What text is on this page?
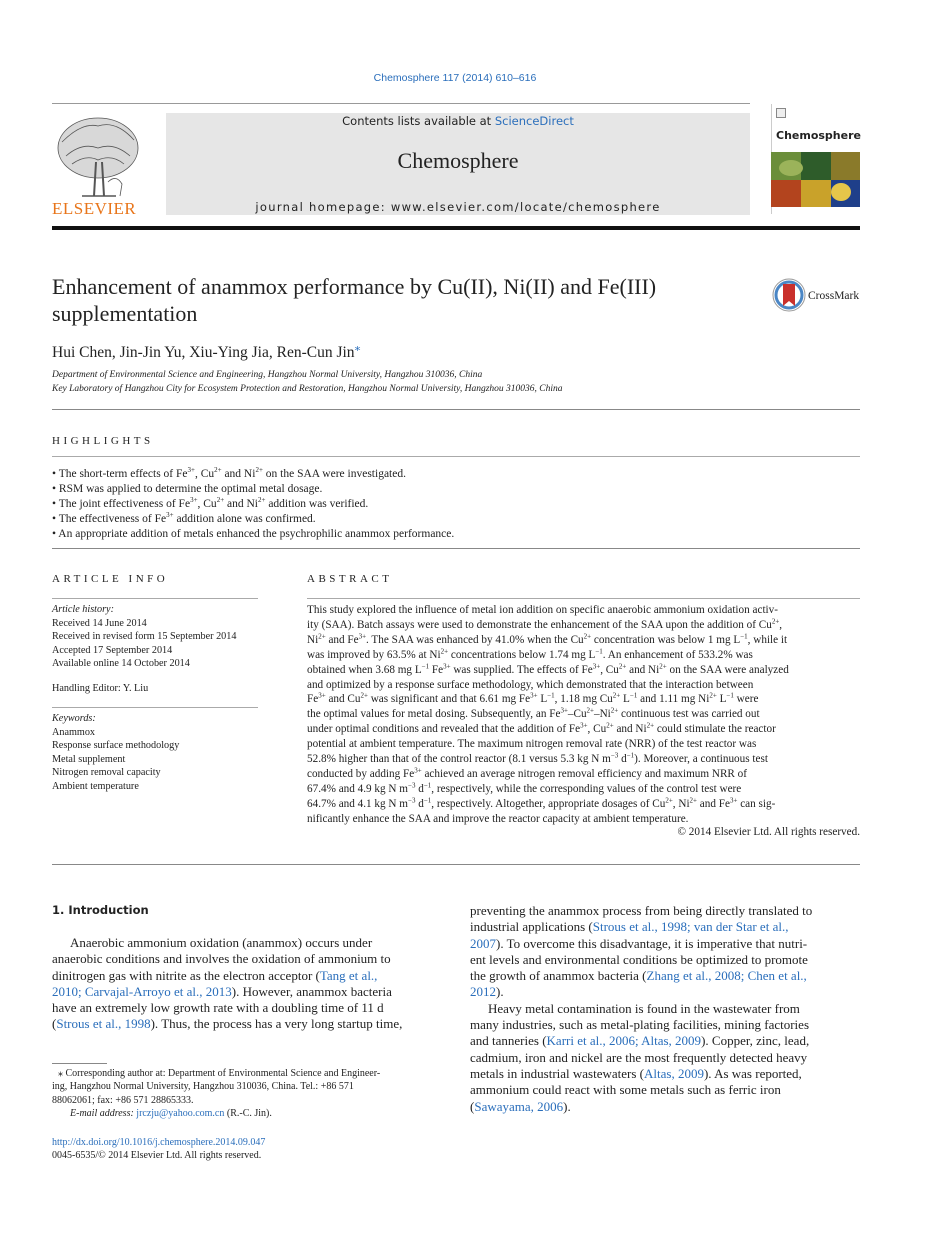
Chemosphere 117 (2014) 610–616
ELSEVIER
Contents lists available at ScienceDirect
Chemosphere
journal homepage: www.elsevier.com/locate/chemosphere
Chemosphere
Enhancement of anammox performance by Cu(II), Ni(II) and Fe(III) supplementation
CrossMark
Hui Chen, Jin-Jin Yu, Xiu-Ying Jia, Ren-Cun Jin⁎
Department of Environmental Science and Engineering, Hangzhou Normal University, Hangzhou 310036, China
Key Laboratory of Hangzhou City for Ecosystem Protection and Restoration, Hangzhou Normal University, Hangzhou 310036, China
HIGHLIGHTS
• The short-term effects of $Fe^{3+}$, $Cu^{2+}$ and $Ni^{2+}$ on the SAA were investigated.
• RSM was applied to determine the optimal metal dosage.
• The joint effectiveness of $Fe^{3+}$, $Cu^{2+}$ and $Ni^{2+}$ addition was verified.
• The effectiveness of $Fe^{3+}$ addition alone was confirmed.
• An appropriate addition of metals enhanced the psychrophilic anammox performance.
ARTICLE INFO
Article history:
Received 14 June 2014
Received in revised form 15 September 2014
Accepted 17 September 2014
Available online 14 October 2014
Handling Editor: Y. Liu
Keywords:
Anammox
Response surface methodology
Metal supplement
Nitrogen removal capacity
Ambient temperature
ABSTRACT
This study explored the influence of metal ion addition on specific anaerobic ammonium oxidation activ-
ity (SAA). Batch assays were used to demonstrate the enhancement of the SAA upon the addition of $Cu^{2+}$,
$Ni^{2+}$ and $Fe^{3+}$. The SAA was enhanced by 41.0% when the $Cu^{2+}$ concentration was below 1 mg $L^{-1}$, while it
was improved by 63.5% at $Ni^{2+}$ concentrations below 1.74 mg $L^{-1}$. An enhancement of 533.2% was
obtained when 3.68 mg $L^{-1}$ $Fe^{3+}$ was supplied. The effects of $Fe^{3+}$, $Cu^{2+}$ and $Ni^{2+}$ on the SAA were analyzed
and optimized by a response surface methodology, which demonstrated that the interaction between
$Fe^{3+}$ and $Cu^{2+}$ was significant and that 6.61 mg $Fe^{3+}$ $L^{-1}$, 1.18 mg $Cu^{2+}$ $L^{-1}$ and 1.11 mg $Ni^{2+}$ $L^{-1}$ were
the optimal values for metal dosing. Subsequently, an $Fe^{3+}-Cu^{2+}-Ni^{2+}$ continuous test was carried out
under optimal conditions and revealed that the addition of $Fe^{3+}$, $Cu^{2+}$ and $Ni^{2+}$ could stimulate the reactor
potential at ambient temperature. The maximum nitrogen removal rate (NRR) of the test reactor was
52.8% higher than that of the control reactor (8.1 versus 5.3 kg N $m^{-3}$ $d^{-1}$). Moreover, a continuous test
conducted by adding $Fe^{3+}$ achieved an average nitrogen removal efficiency and maximum NRR of
67.4% and 4.9 kg N $m^{-3}$ $d^{-1}$, respectively, while the corresponding values of the control test were
64.7% and 4.1 kg N $m^{-3}$ $d^{-1}$, respectively. Altogether, appropriate dosages of $Cu^{2+}$, $Ni^{2+}$ and $Fe^{3+}$ can sig-
nificantly enhance the SAA and improve the reactor capacity at ambient temperature.
© 2014 Elsevier Ltd. All rights reserved.
1. Introduction
Anaerobic ammonium oxidation (anammox) occurs under
anaerobic conditions and involves the oxidation of ammonium to
dinitrogen gas with nitrite as the electron acceptor (Tang et al.,
2010; Carvajal-Arroyo et al., 2013). However, anammox bacteria
have an extremely low growth rate with a doubling time of 11 d
(Strous et al., 1998). Thus, the process has a very long startup time,
preventing the anammox process from being directly translated to
industrial applications (Strous et al., 1998; van der Star et al.,
2007). To overcome this disadvantage, it is imperative that nutri-
ent levels and environmental conditions be optimized to promote
the growth of anammox bacteria (Zhang et al., 2008; Chen et al.,
2012).
Heavy metal contamination is found in the wastewater from
many industries, such as metal-plating facilities, mining factories
and tanneries (Karri et al., 2006; Altas, 2009). Copper, zinc, lead,
cadmium, iron and nickel are the most frequently detected heavy
metals in industrial wastewaters (Altas, 2009). As was reported,
ammonium could react with some metals such as ferric iron
(Sawayama, 2006).
⁎ Corresponding author at: Department of Environmental Science and Engineer-
ing, Hangzhou Normal University, Hangzhou 310036, China. Tel.: +86 571
88062061; fax: +86 571 28865333.
E-mail address: jrczju@yahoo.com.cn (R.-C. Jin).
http://dx.doi.org/10.1016/j.chemosphere.2014.09.047
0045-6535/© 2014 Elsevier Ltd. All rights reserved.
